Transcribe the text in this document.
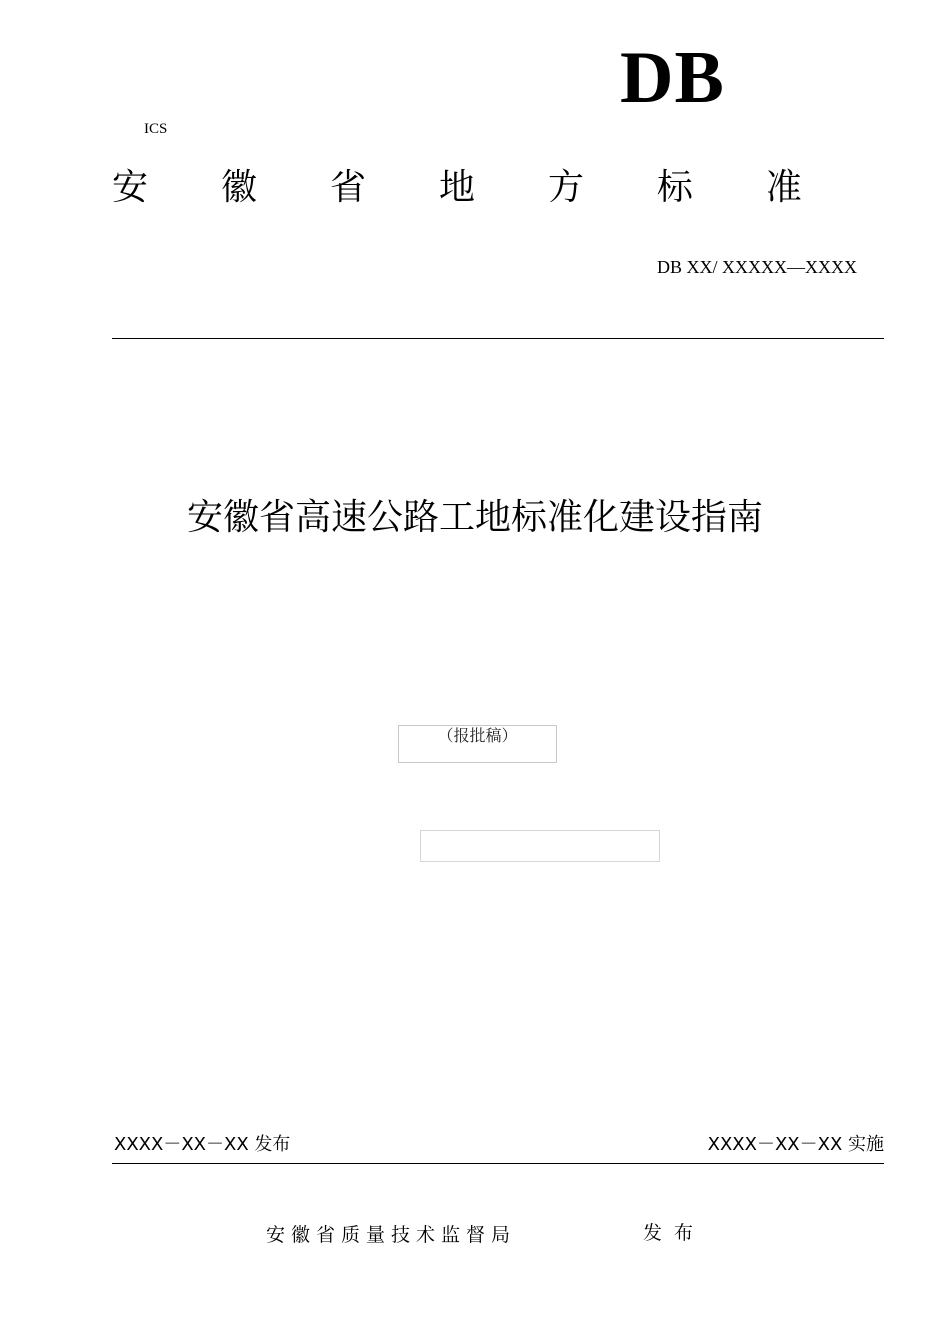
DB
ICS
安 徽 省 地 方 标 准
DB XX/ XXXXX—XXXX
安徽省高速公路工地标准化建设指南
（报批稿）
XXXX－XX－XX 发布	XXXX－XX－XX 实施
安徽省质量技术监督局	发布
